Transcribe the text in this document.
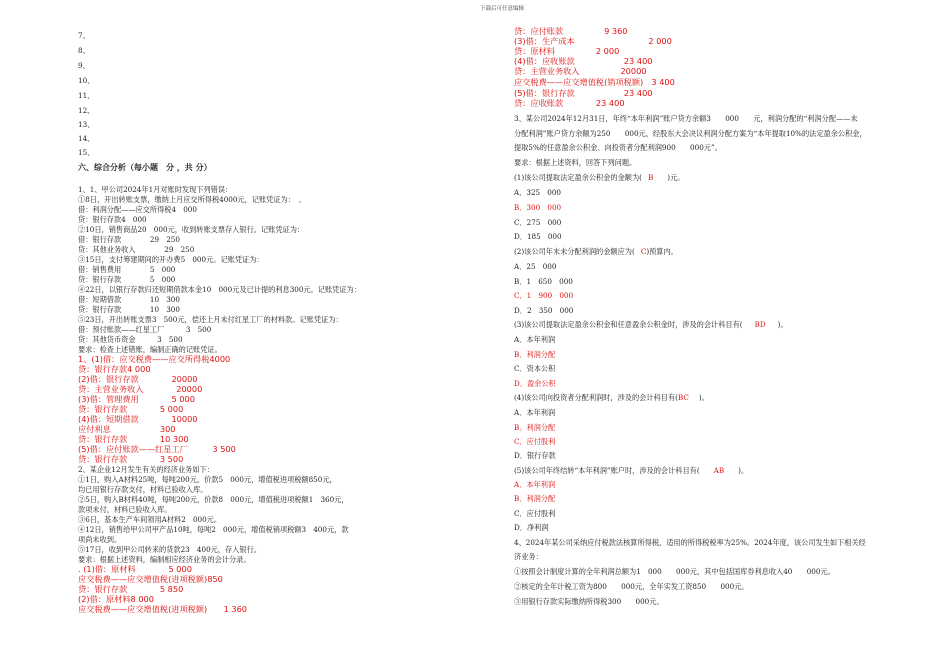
下载后可任意编辑
7、
8、
9、
10、
11、
12、
13、
14、
15、
六、综合分析（每小题　分 ，共 分）
1、1、甲公司2024年1月对账时发现下列错误：
①8日，开出转账支票，缴纳上月应交所得税4000元，记账凭证为：　、
借：利润分配——应交所得税4　000
贷：银行存款4　000
②10日，销售商品20　000元，收到转账支票存入银行。记账凭证为：
借：银行存款　　　　29　250
贷：其他业务收入　　　　29　250
③15日，支付筹建期间的开办费5　000元。记账凭证为：
借：销售费用　　　　5　000
贷：银行存款　　　　5　000
④22日，以银行存款归还短期借款本金10　000元及已计提的利息300元。记账凭证为：
借：短期借款　　　　10　300
贷：银行存款　　　　10　300
⑤23日，开出转账支票3　500元，偿还上月未付红星工厂的材料款。记账凭证为：
借：预付账款——红星工厂　　　3　500
贷：其他货币资金　　　3　500
要求：检查上述错账，编制正确的记账凭证。
1、(1)借：应交税费——应交所得税4000
贷：银行存款4 000
(2)借：银行存款　　　　20000
贷：主营业务收入　　　　20000
(3)借：管理费用　　　　5 000
贷：银行存款　　　　5 000
(4)借：短期借款　　　　10000
应付利息　　　　　　300
贷：银行存款　　　　10 300
(5)借：应付账款——红星工厂　　　3 500
贷：银行存款　　　　3 500
2、某企业12月发生有关的经济业务如下：
①1日，购入A材料25吨，每吨200元，价款5　000元，增值税进项税额850元，
均已用银行存款支付，材料已验收入库。
②5日，购入B材料40吨，每吨200元，价款8　000元，增值税进项税额1　360元，
款项未付，材料已验收入库。
③6日，基本生产车间领用A材料2　000元。
④12日，销售给甲公司甲产品10吨，每吨2　000元，增值税销项税额3　400元，款
项尚未收到。
⑤17日，收到甲公司转来的货款23　400元，存入银行。
要求：根据上述资料，编制相应经济业务的会计分录。
. (1)借：原材料　　　　5 000
应交税费——应交增值税(进项税额)850
贷：银行存款　　　　5 850
(2)借：原材料8 000
应交税费——应交增值税(进项税额)　　1 360
贷：应付账款　　　　　9 360
(3)借：生产成本　　　　　　　　　2 000
贷：原材料　　　　　2 000
(4)借：应收账款　　　　　　23 400
贷：主营业务收入　　　　　20000
应交税费——应交增值税(销项税额)　3 400
(5)借：银行存款　　　　　　23 400
贷：应收账款　　　　23 400
3、某公司2024年12月31日，年终“本年利润”账户贷方余额3　　000　　元，利润分配的“利润分配——未
分配利润”账户贷方余额为250　　000元，经股东大会决议利润分配方案为“本年提取10%的法定盈余公积金，
提取5%的任意盈余公积金、向投资者分配利润900　　000元”。
要求：根据上述资料，回答下列问题。
(1)该公司提取法定盈余公积金的金额为( B )元。
A．325　000
B．300　000
C．275　000
D．185　000
(2)该公司年末未分配利润的金额应为( C)预算内。
A．25　000
B．1　650　000
C．1　900　000
D．2　350　000
(3)该公司提取法定盈余公积金和任意盈余公积金时，涉及的会计科目有( BD )。
A．本年利润
B．利润分配
C．资本公积
D．盈余公积
(4)该公司向投资者分配利润时，涉及的会计科目有(BC )。
A．本年利润
B．利润分配
C．应付股利
D．银行存款
(5)该公司年终结转“本年利润”账户时，涉及的会计科目有( AB )。
A．本年利润
B．利润分配
C．应付股利
D．净利润
4、2024年某公司采纳应付税款法核算所得税，适用的所得税税率为25%。2024年度，该公司发生如下相关经
济业务：
①按照会计制度计算的全年利润总额为1　000　　000元，其中包括国库券利息收入40　　000元。
②核定的全年计税工资为800　　000元，全年实发工资850　　000元。
③用银行存款实际缴纳所得税300　　000元。
